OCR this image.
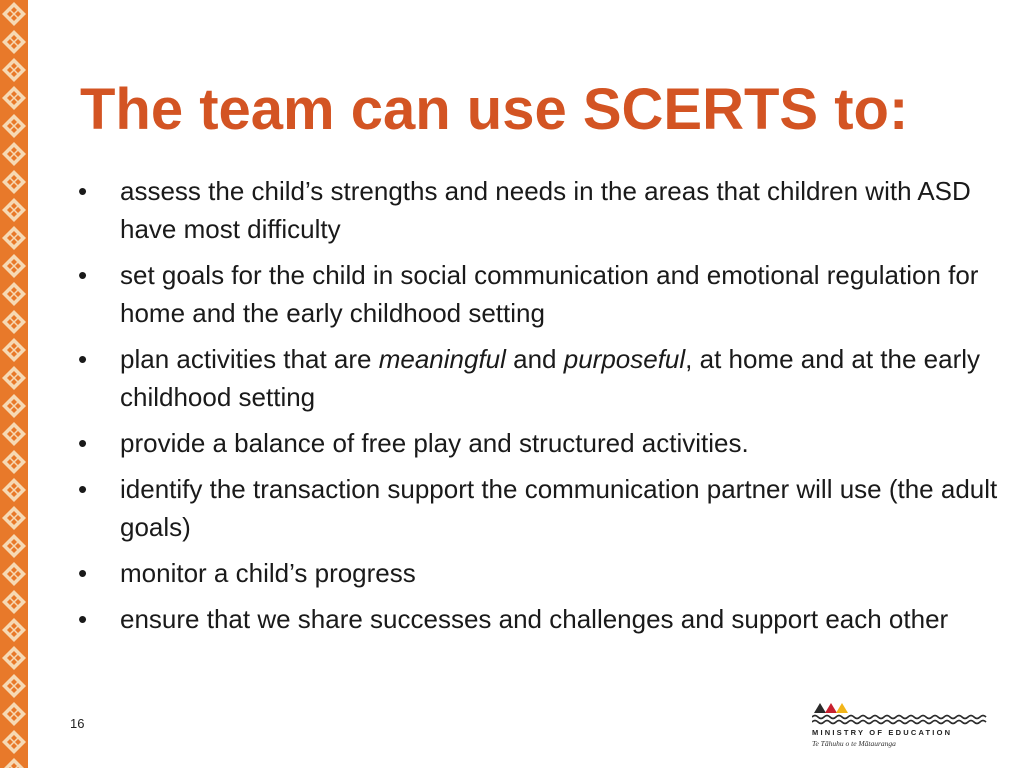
The team can use SCERTS to:
•	assess the child’s strengths and needs in the areas that children with ASD have most difficulty
•	set goals for the child in social communication and emotional regulation for home and the early childhood setting
•	plan activities that are meaningful and purposeful, at home and at the early childhood setting
•	provide a balance of free play and structured activities.
•	identify the transaction support the communication partner will use (the adult goals)
•	monitor a child’s progress
•	ensure that we share successes and challenges and support each other
16
MINISTRY OF EDUCATION
Te Tāhuhu o te Mātauranga
